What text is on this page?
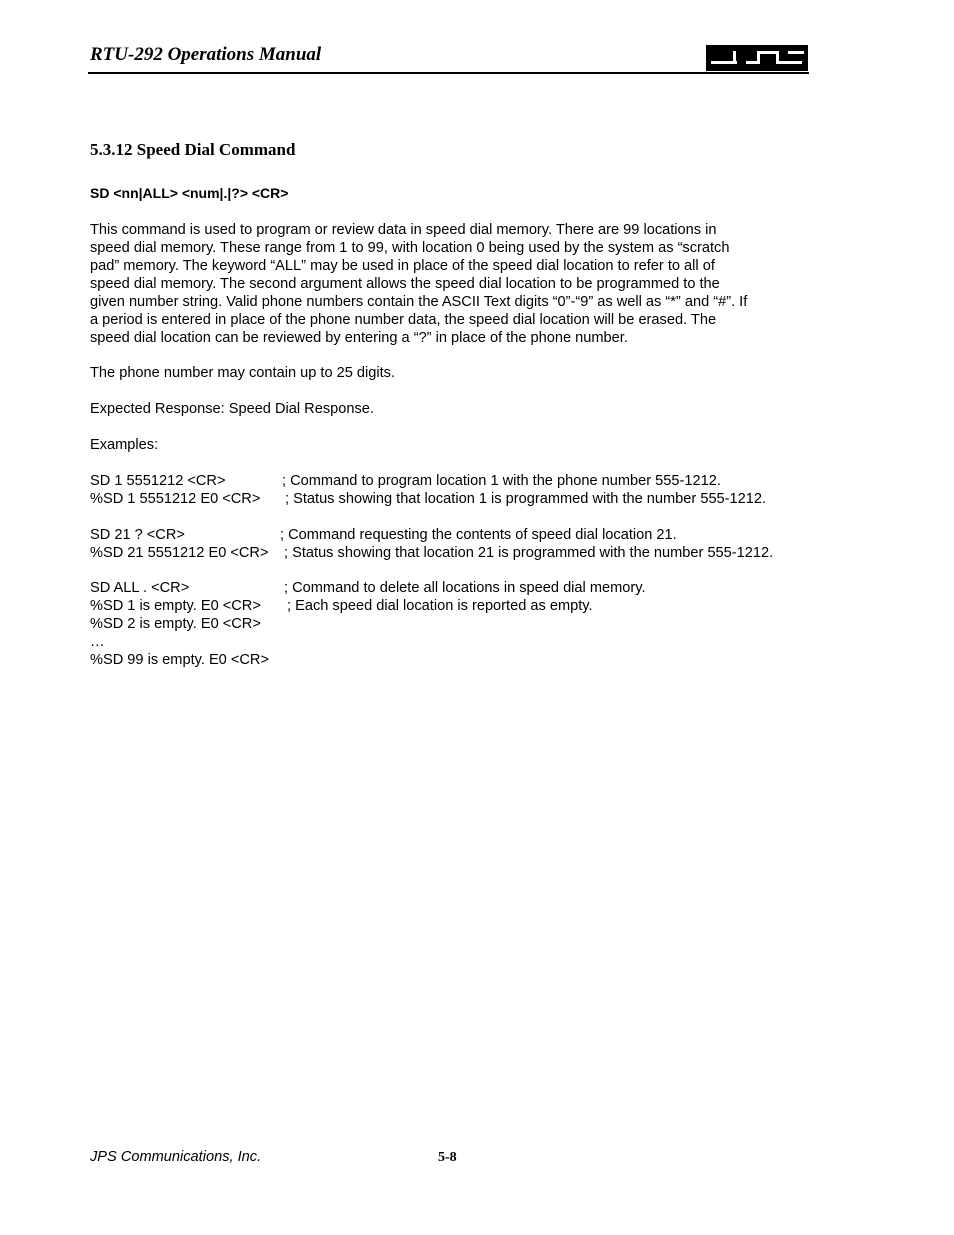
RTU-292 Operations Manual
5.3.12 Speed Dial Command
SD <nn|ALL> <num|.|?> <CR>
This command is used to program or review data in speed dial memory. There are 99 locations in
speed dial memory. These range from 1 to 99, with location 0 being used by the system as “scratch
pad” memory. The keyword “ALL” may be used in place of the speed dial location to refer to all of
speed dial memory. The second argument allows the speed dial location to be programmed to the
given number string. Valid phone numbers contain the ASCII Text digits “0”-“9” as well as “*” and “#”. If
a period is entered in place of the phone number data, the speed dial location will be erased. The
speed dial location can be reviewed by entering a “?” in place of the phone number.
The phone number may contain up to 25 digits.
Expected Response: Speed Dial Response.
Examples:
SD 1 5551212 <CR>	; Command to program location 1 with the phone number 555-1212.
%SD 1 5551212 E0 <CR> ; Status showing that location 1 is programmed with the number 555-1212.
SD 21 ? <CR>	; Command requesting the contents of speed dial location 21.
%SD 21 5551212 E0 <CR> ; Status showing that location 21 is programmed with the number 555-1212.
SD ALL . <CR>	; Command to delete all locations in speed dial memory.
%SD 1 is empty. E0 <CR> ; Each speed dial location is reported as empty.
%SD 2 is empty. E0 <CR>
…
%SD 99 is empty. E0 <CR>
JPS Communications, Inc.	5-8
